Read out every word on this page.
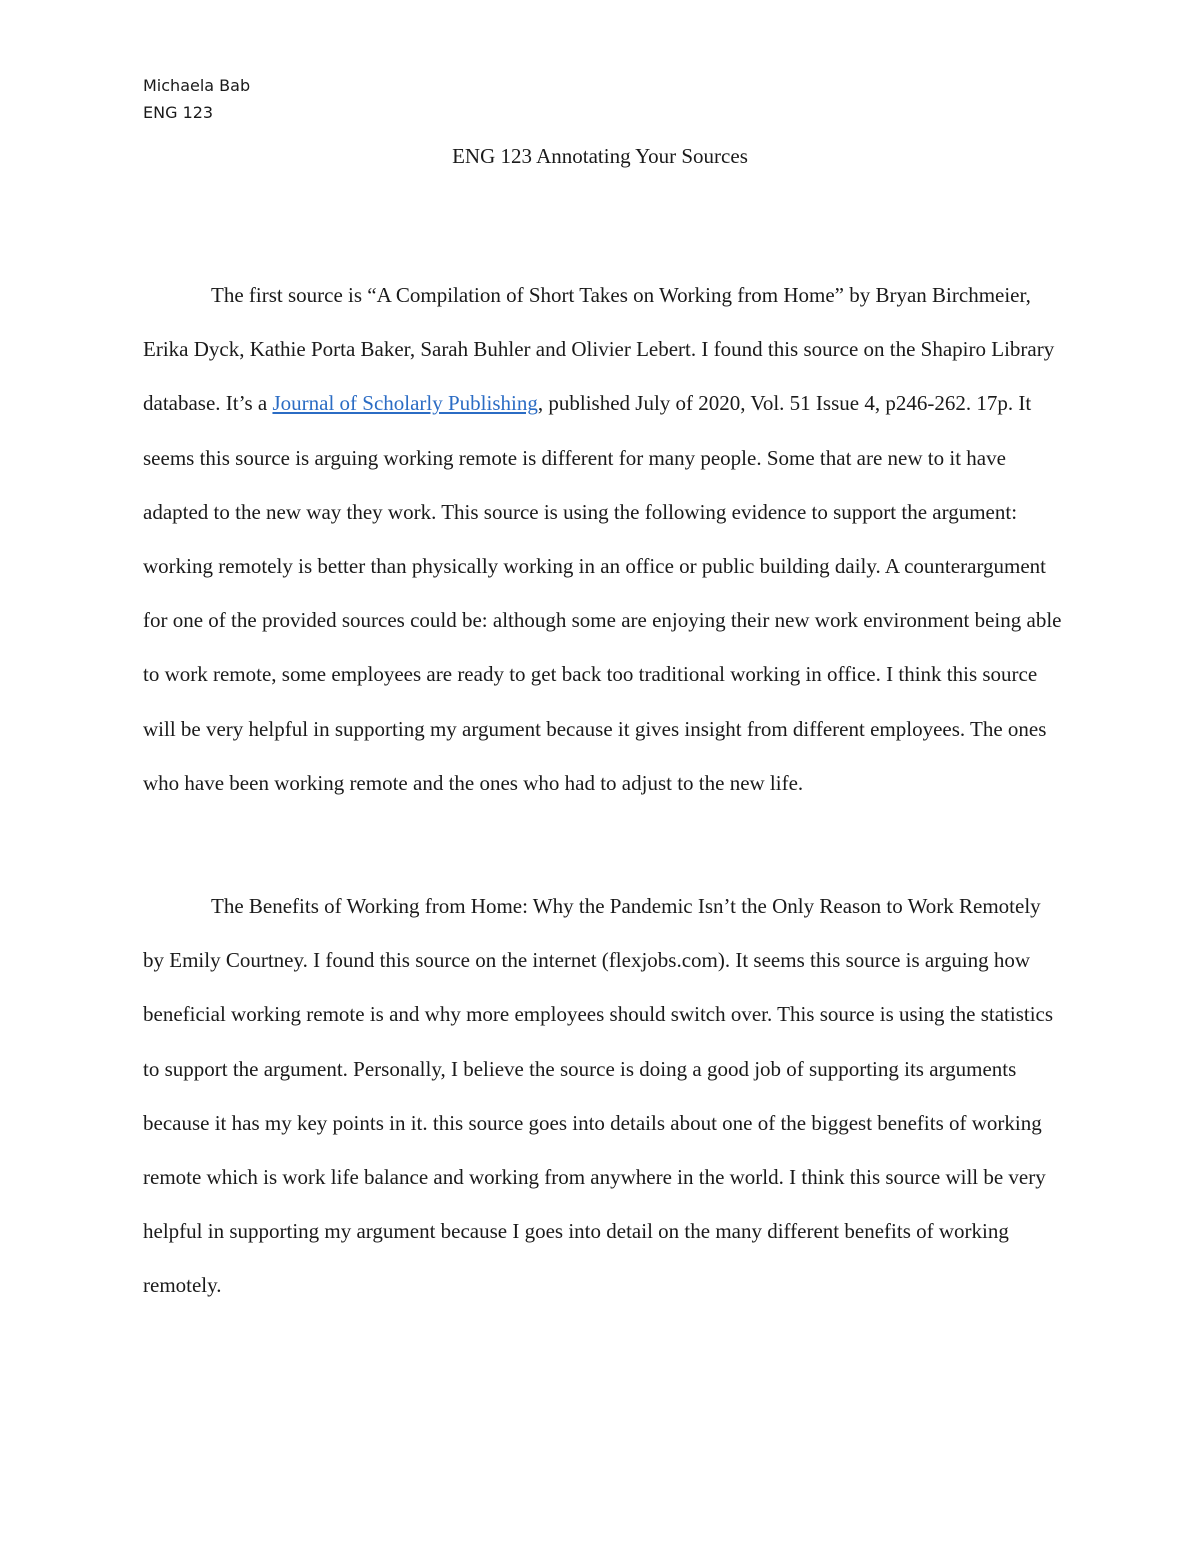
Michaela Bab
ENG 123
ENG 123 Annotating Your Sources

The first source is “A Compilation of Short Takes on Working from Home” by Bryan Birchmeier, Erika Dyck, Kathie Porta Baker, Sarah Buhler and Olivier Lebert. I found this source on the Shapiro Library database. It’s a Journal of Scholarly Publishing, published July of 2020, Vol. 51 Issue 4, p246-262. 17p. It seems this source is arguing working remote is different for many people. Some that are new to it have adapted to the new way they work. This source is using the following evidence to support the argument: working remotely is better than physically working in an office or public building daily. A counterargument for one of the provided sources could be: although some are enjoying their new work environment being able to work remote, some employees are ready to get back too traditional working in office. I think this source will be very helpful in supporting my argument because it gives insight from different employees. The ones who have been working remote and the ones who had to adjust to the new life.

The Benefits of Working from Home: Why the Pandemic Isn’t the Only Reason to Work Remotely by Emily Courtney. I found this source on the internet (flexjobs.com). It seems this source is arguing how beneficial working remote is and why more employees should switch over. This source is using the statistics to support the argument. Personally, I believe the source is doing a good job of supporting its arguments because it has my key points in it. this source goes into details about one of the biggest benefits of working remote which is work life balance and working from anywhere in the world. I think this source will be very helpful in supporting my argument because I goes into detail on the many different benefits of working remotely.
